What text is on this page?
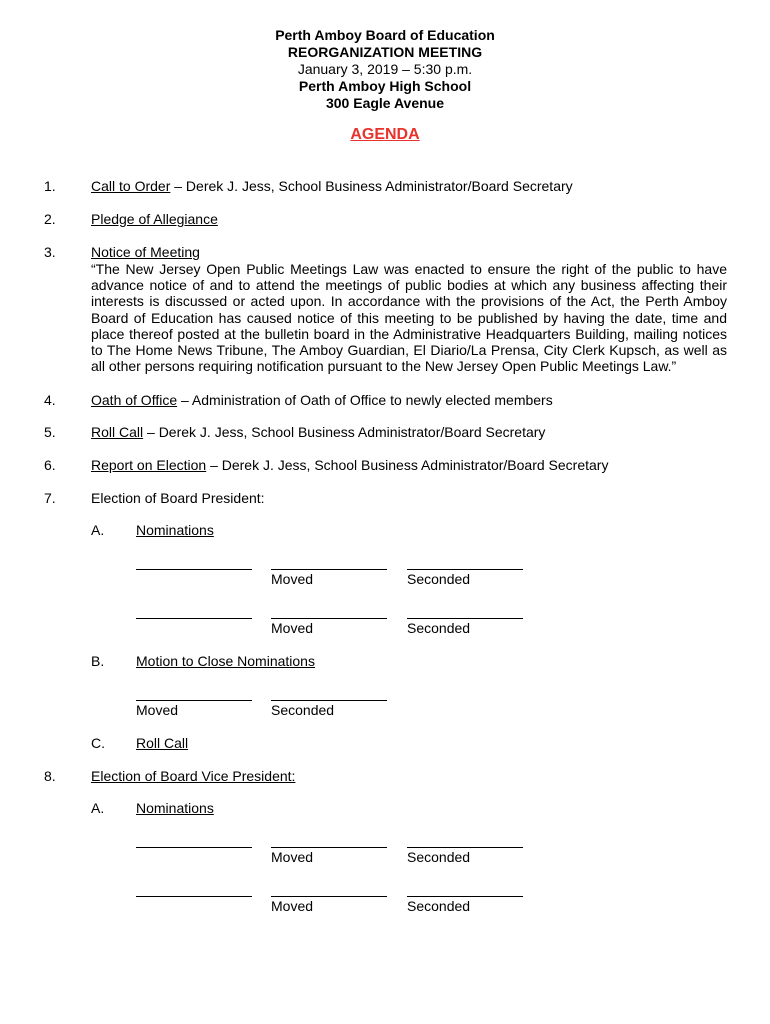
Perth Amboy Board of Education
REORGANIZATION MEETING
January 3, 2019 – 5:30 p.m.
Perth Amboy High School
300 Eagle Avenue
AGENDA
1.	Call to Order – Derek J. Jess, School Business Administrator/Board Secretary
2.	Pledge of Allegiance
3.	Notice of Meeting
“The New Jersey Open Public Meetings Law was enacted to ensure the right of the public to have advance notice of and to attend the meetings of public bodies at which any business affecting their interests is discussed or acted upon. In accordance with the provisions of the Act, the Perth Amboy Board of Education has caused notice of this meeting to be published by having the date, time and place thereof posted at the bulletin board in the Administrative Headquarters Building, mailing notices to The Home News Tribune, The Amboy Guardian, El Diario/La Prensa, City Clerk Kupsch, as well as all other persons requiring notification pursuant to the New Jersey Open Public Meetings Law.”
4.	Oath of Office – Administration of Oath of Office to newly elected members
5.	Roll Call – Derek J. Jess, School Business Administrator/Board Secretary
6.	Report on Election – Derek J. Jess, School Business Administrator/Board Secretary
7.	Election of Board President:
A. Nominations
Moved	Seconded
Moved	Seconded
B. Motion to Close Nominations
Moved	Seconded
C. Roll Call
8.	Election of Board Vice President:
A. Nominations
Moved	Seconded
Moved	Seconded
